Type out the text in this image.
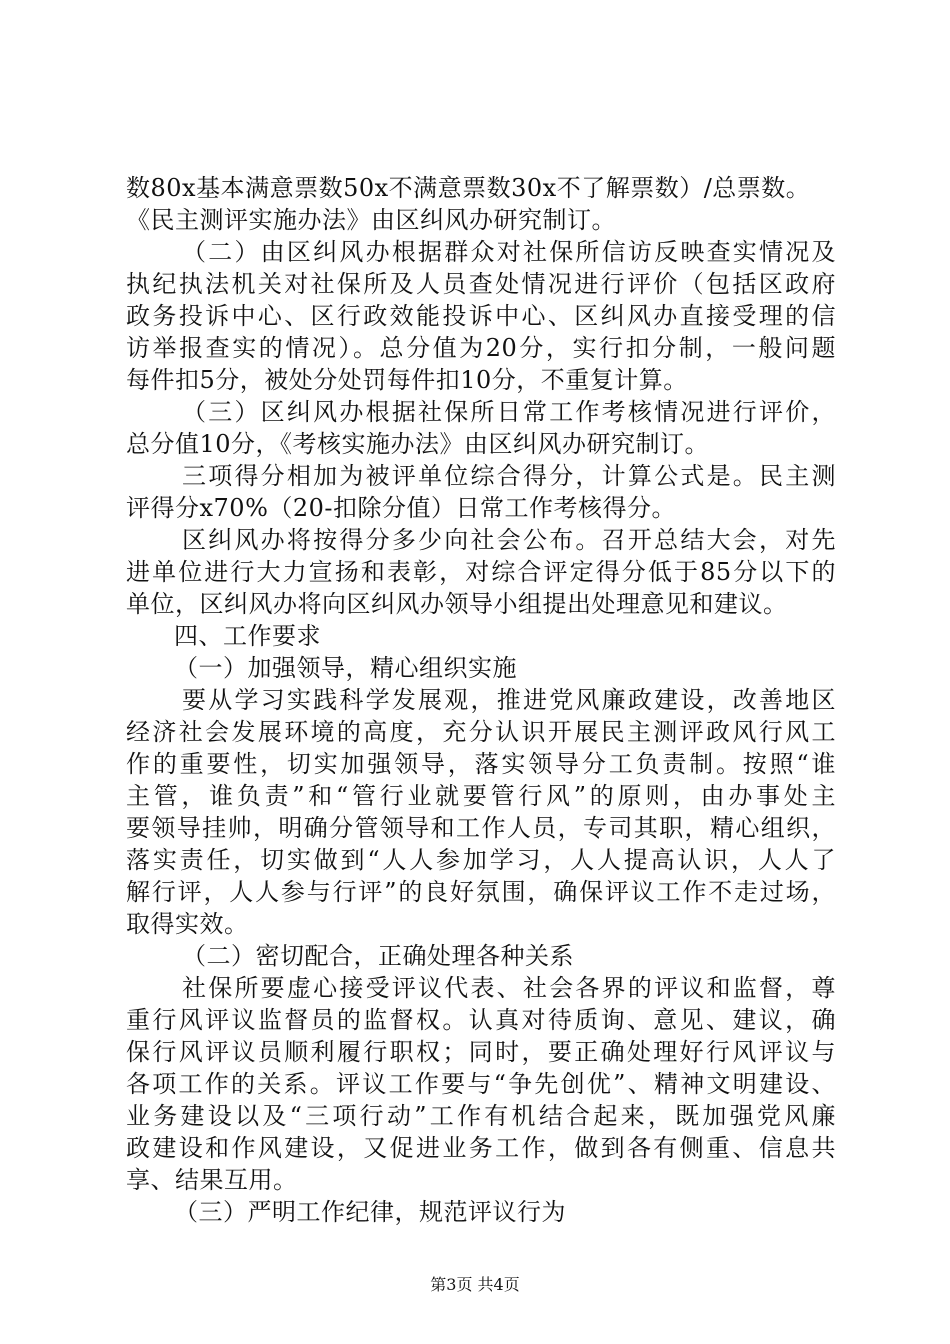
数80x基本满意票数50x不满意票数30x不了解票数）/总票数。
《民主测评实施办法》由区纠风办研究制订。
（二）由区纠风办根据群众对社保所信访反映查实情况及
执纪执法机关对社保所及人员查处情况进行评价（包括区政府
政务投诉中心、区行政效能投诉中心、区纠风办直接受理的信
访举报查实的情况）。总分值为20分，实行扣分制，一般问题
每件扣5分，被处分处罚每件扣10分，不重复计算。
（三）区纠风办根据社保所日常工作考核情况进行评价，
总分值10分，《考核实施办法》由区纠风办研究制订。
三项得分相加为被评单位综合得分，计算公式是。民主测
评得分x70%（20-扣除分值）日常工作考核得分。
区纠风办将按得分多少向社会公布。召开总结大会，对先
进单位进行大力宣扬和表彰，对综合评定得分低于85分以下的
单位，区纠风办将向区纠风办领导小组提出处理意见和建议。
四、工作要求
（一）加强领导，精心组织实施
要从学习实践科学发展观，推进党风廉政建设，改善地区
经济社会发展环境的高度，充分认识开展民主测评政风行风工
作的重要性，切实加强领导，落实领导分工负责制。按照“谁
主管，谁负责”和“管行业就要管行风”的原则，由办事处主
要领导挂帅，明确分管领导和工作人员，专司其职，精心组织，
落实责任，切实做到“人人参加学习，人人提高认识，人人了
解行评，人人参与行评”的良好氛围，确保评议工作不走过场，
取得实效。
（二）密切配合，正确处理各种关系
社保所要虚心接受评议代表、社会各界的评议和监督，尊
重行风评议监督员的监督权。认真对待质询、意见、建议，确
保行风评议员顺利履行职权；同时，要正确处理好行风评议与
各项工作的关系。评议工作要与“争先创优”、精神文明建设、
业务建设以及“三项行动”工作有机结合起来，既加强党风廉
政建设和作风建设，又促进业务工作，做到各有侧重、信息共
享、结果互用。
（三）严明工作纪律，规范评议行为
第3页 共4页
